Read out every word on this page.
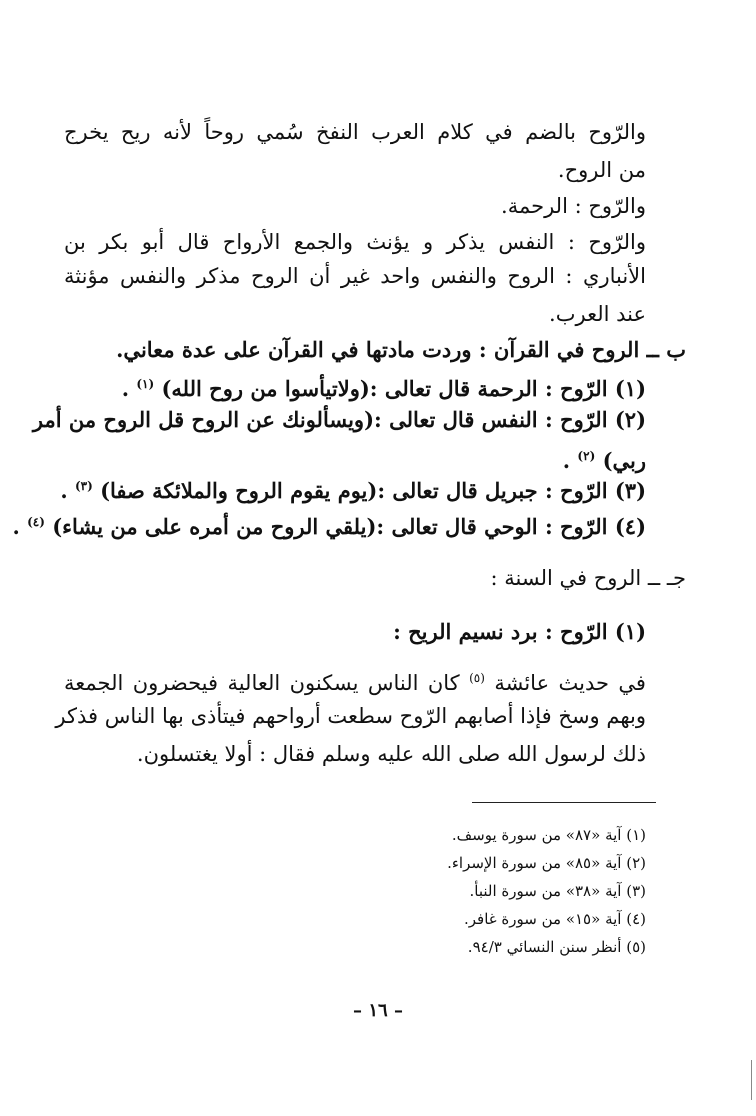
والرّوح بالضم في كلام العرب النفخ سُمي روحاً لأنه ريح يخرج
من الروح.
والرّوح : الرحمة.
والرّوح : النفس يذكر و يؤنث والجمع الأرواح قال أبو بكر بن
الأنباري : الروح والنفس واحد غير أن الروح مذكر والنفس مؤنثة
عند العرب.
ب ــ الروح في القرآن : وردت مادتها في القرآن على عدة معاني.
(١) الرّوح : الرحمة قال تعالى :(ولاتيأسوا من روح الله) $^{(١)}$ .
(٢) الرّوح : النفس قال تعالى :(ويسألونك عن الروح قل الروح من أمر
ربي) $^{(٢)}$ .
(٣) الرّوح : جبريل قال تعالى :(يوم يقوم الروح والملائكة صفا) $^{(٣)}$ .
(٤) الرّوح : الوحي قال تعالى :(يلقي الروح من أمره على من يشاء) $^{(٤)}$ .
جـ ــ الروح في السنة :
(١) الرّوح : برد نسيم الريح :
في حديث عائشة $^{(٥)}$ كان الناس يسكنون العالية فيحضرون الجمعة
وبهم وسخ فإذا أصابهم الرّوح سطعت أرواحهم فيتأذى بها الناس فذكر
ذلك لرسول الله صلى الله عليه وسلم فقال : أولا يغتسلون.
(١) آية «٨٧» من سورة يوسف.
(٢) آية «٨٥» من سورة الإسراء.
(٣) آية «٣٨» من سورة النبأ.
(٤) آية «١٥» من سورة غافر.
(٥) أنظر سنن النسائي ٩٤/٣.
– ١٦ –
